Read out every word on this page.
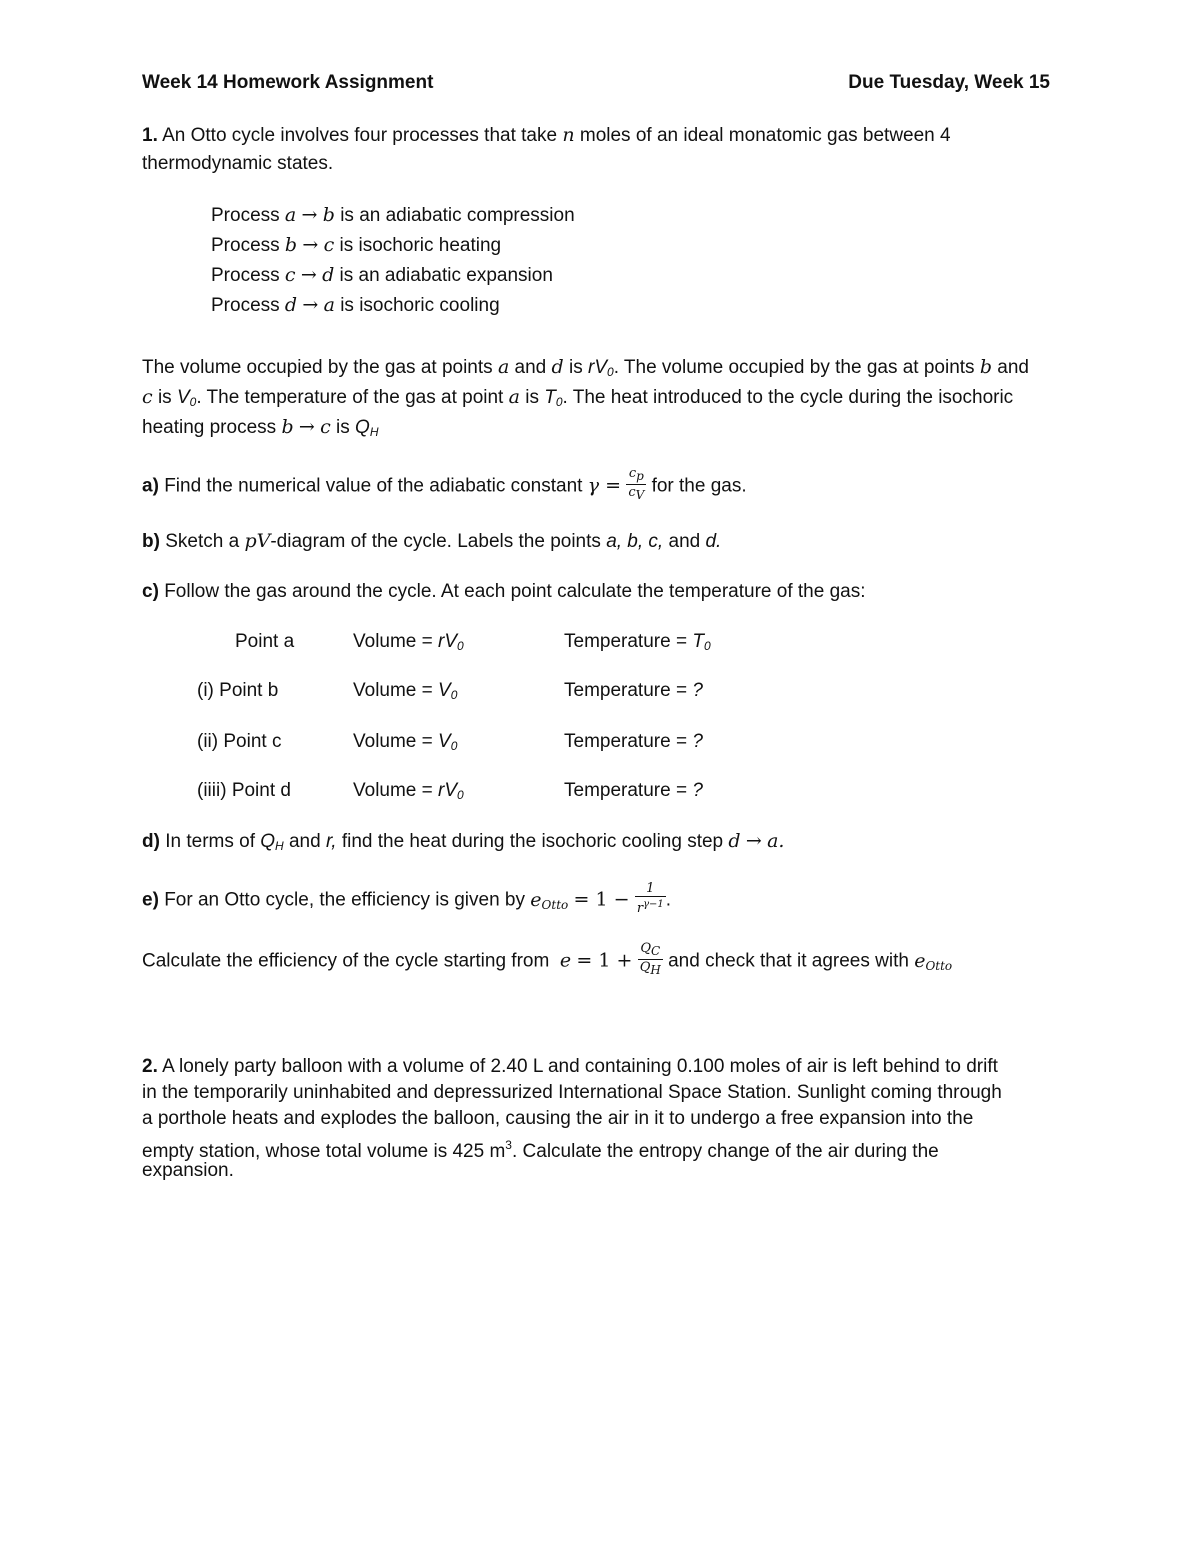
Week 14 Homework Assignment	Due Tuesday, Week 15
1. An Otto cycle involves four processes that take n moles of an ideal monatomic gas between 4
thermodynamic states.
Process a → b is an adiabatic compression
Process b → c is isochoric heating
Process c → d is an adiabatic expansion
Process d → a is isochoric cooling
The volume occupied by the gas at points a and d is $rV_0$. The volume occupied by the gas at points b and
c is $V_0$. The temperature of the gas at point a is $T_0$. The heat introduced to the cycle during the isochoric
heating process b → c is $Q_H$
a) Find the numerical value of the adiabatic constant $\gamma = \frac{c_p}{c_V}$ for the gas.
b) Sketch a pV-diagram of the cycle. Labels the points a, b, c, and d.
c) Follow the gas around the cycle. At each point calculate the temperature of the gas:
Point a	Volume = $rV_0$	Temperature = $T_0$
(i) Point b	Volume = $V_0$	Temperature = ?
(ii) Point c	Volume = $V_0$	Temperature = ?
(iiii) Point d	Volume = $rV_0$	Temperature = ?
d) In terms of $Q_H$ and r, find the heat during the isochoric cooling step d → a.
e) For an Otto cycle, the efficiency is given by $e_{Otto} = 1 - \frac{1}{r^{\gamma-1}}$ .
Calculate the efficiency of the cycle starting from $e = 1 + \frac{Q_C}{Q_H}$ and check that it agrees with $e_{Otto}$
2. A lonely party balloon with a volume of 2.40 L and containing 0.100 moles of air is left behind to drift
in the temporarily uninhabited and depressurized International Space Station. Sunlight coming through
a porthole heats and explodes the balloon, causing the air in it to undergo a free expansion into the
empty station, whose total volume is 425 $m^3$. Calculate the entropy change of the air during the
expansion.
